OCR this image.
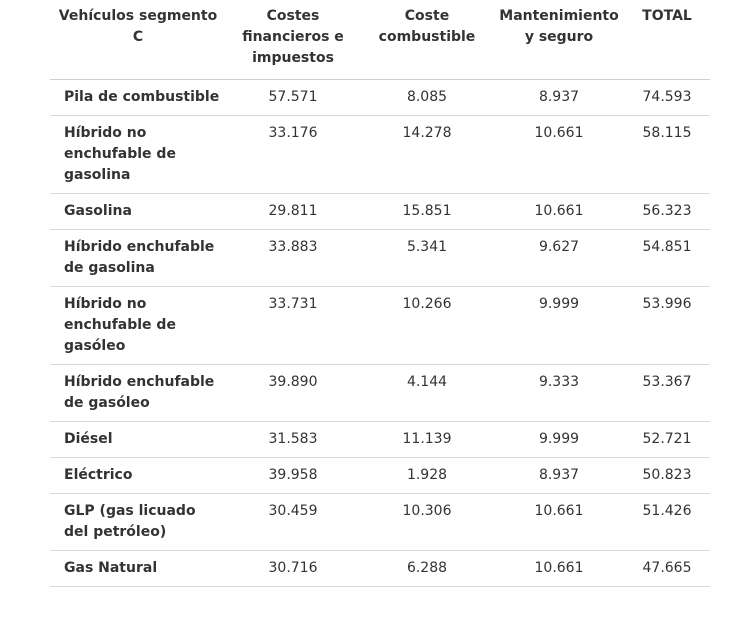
Vehículos segmento C	Costes financieros e impuestos	Coste combustible	Mantenimiento y seguro	TOTAL
Pila de combustible	57.571	8.085	8.937	74.593
Híbrido no enchufable de gasolina	33.176	14.278	10.661	58.115
Gasolina	29.811	15.851	10.661	56.323
Híbrido enchufable de gasolina	33.883	5.341	9.627	54.851
Híbrido no enchufable de gasóleo	33.731	10.266	9.999	53.996
Híbrido enchufable de gasóleo	39.890	4.144	9.333	53.367
Diésel	31.583	11.139	9.999	52.721
Eléctrico	39.958	1.928	8.937	50.823
GLP (gas licuado del petróleo)	30.459	10.306	10.661	51.426
Gas Natural	30.716	6.288	10.661	47.665
